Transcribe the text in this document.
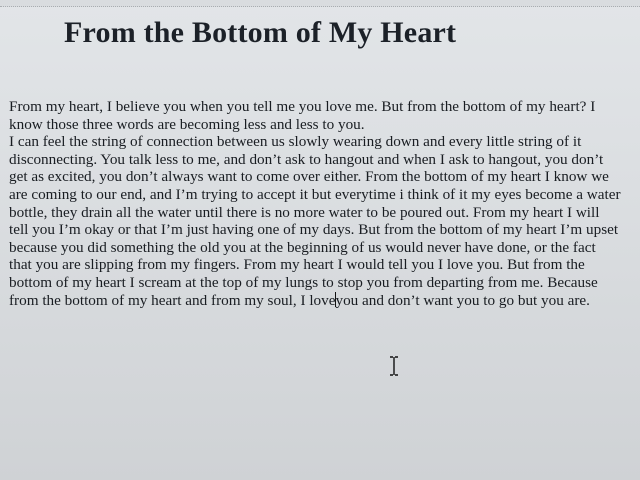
From the Bottom of My Heart

From my heart, I believe you when you tell me you love me. But from the bottom of my heart? I know those three words are becoming less and less to you.

I can feel the string of connection between us slowly wearing down and every little string of it disconnecting. You talk less to me, and don’t ask to hangout and when I ask to hangout, you don’t get as excited, you don’t always want to come over either. From the bottom of my heart I know we are coming to our end, and I’m trying to accept it but everytime i think of it my eyes become a water bottle, they drain all the water until there is no more water to be poured out. From my heart I will tell you I’m okay or that I’m just having one of my days. But from the bottom of my heart I’m upset because you did something the old you at the beginning of us would never have done, or the fact that you are slipping from my fingers. From my heart I would tell you I love you. But from the bottom of my heart I scream at the top of my lungs to stop you from departing from me. Because from the bottom of my heart and from my soul, I loveyou and don’t want you to go but you are.
